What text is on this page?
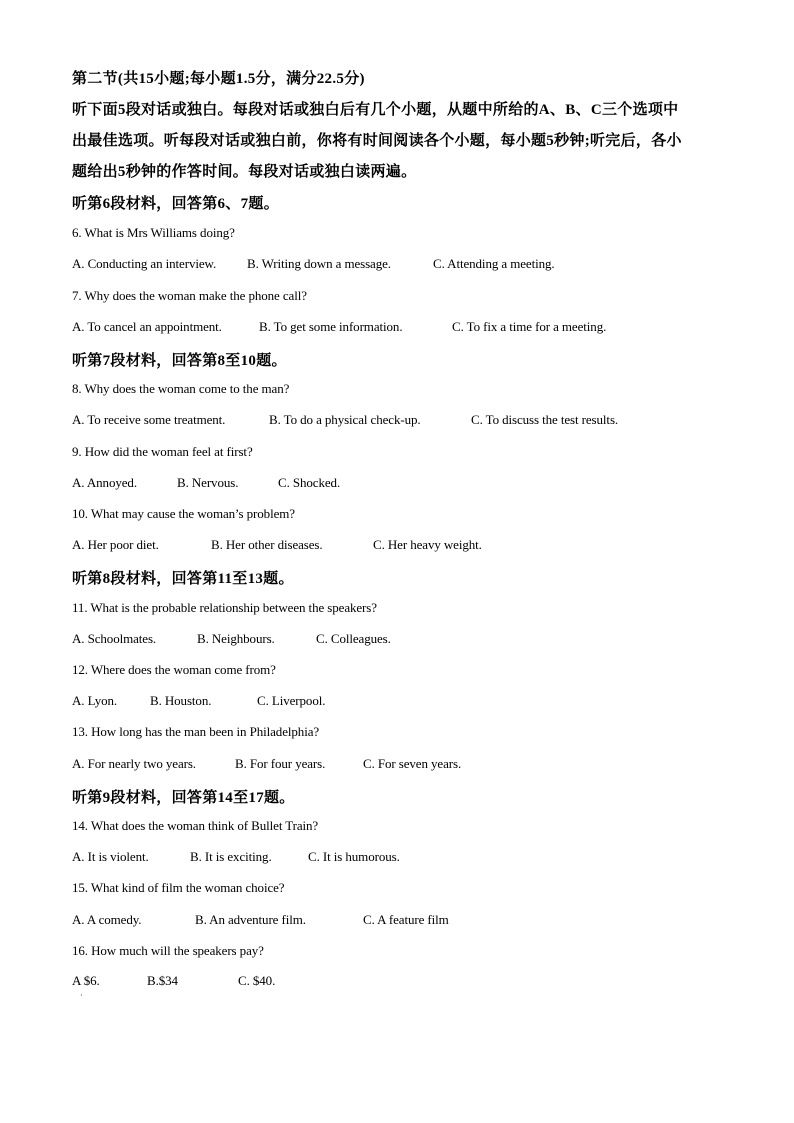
第二节(共15小题;每小题1.5分，满分22.5分)
听下面5段对话或独白。每段对话或独白后有几个小题，从题中所给的A、B、C三个选项中
出最佳选项。听每段对话或独白前，你将有时间阅读各个小题，每小题5秒钟;听完后，各小
题给出5秒钟的作答时间。每段对话或独白读两遍。
听第6段材料，回答第6、7题。
6. What is Mrs Williams doing?
A. Conducting an interview. B. Writing down a message.	C. Attending a meeting.
7. Why does the woman make the phone call?
A. To cancel an appointment.	B. To get some information.	C. To fix a time for a meeting.
听第7段材料，回答第8至10题。
8. Why does the woman come to the man?
A. To receive some treatment.	B. To do a physical check-up.	C. To discuss the test results.
9. How did the woman feel at first?
A. Annoyed.	B. Nervous.	C. Shocked.
10. What may cause the woman’s problem?
A. Her poor diet.	B. Her other diseases.	C. Her heavy weight.
听第8段材料，回答第11至13题。
11. What is the probable relationship between the speakers?
A. Schoolmates.	B. Neighbours.	C. Colleagues.
12. Where does the woman come from?
A. Lyon.	B. Houston.	C. Liverpool.
13. How long has the man been in Philadelphia?
A. For nearly two years.	B. For four years.	C. For seven years.
听第9段材料，回答第14至17题。
14. What does the woman think of Bullet Train?
A. It is violent.	B. It is exciting.	C. It is humorous.
15. What kind of film the woman choice?
A. A comedy.	B. An adventure film.	C. A feature film
16. How much will the speakers pay?
A $6.	B.$34	C. $40.
·
